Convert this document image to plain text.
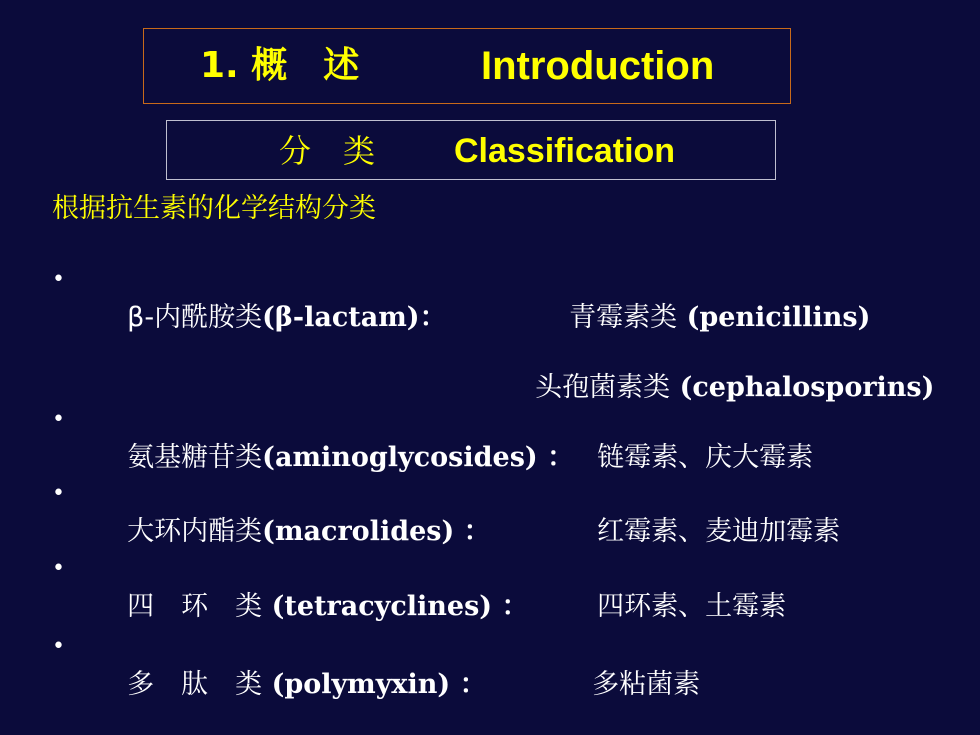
1. 概　述	Introduction
分　类 Classification
根据抗生素的化学结构分类
•

β-内酰胺类(β-lactam)：	青霉素类 (penicillins)

头孢菌素类 (cephalosporins)

•

氨基糖苷类(aminoglycosides) ： 链霉素、庆大霉素

•

大环内酯类(macrolides) ：	红霉素、麦迪加霉素

•

四　环　类 (tetracyclines) ：	四环素、土霉素

•

多　肽　类 (polymyxin) ：	多粘菌素
